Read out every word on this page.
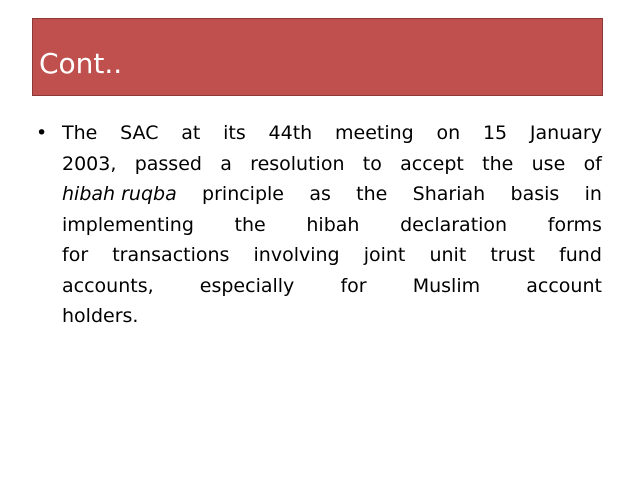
Cont..
• The SAC at its 44th meeting on 15 January
2003, passed a resolution to accept the use of
hibah ruqba principle as the Shariah basis in
implementing the hibah declaration forms
for transactions involving joint unit trust fund
accounts, especially for Muslim account
holders.
